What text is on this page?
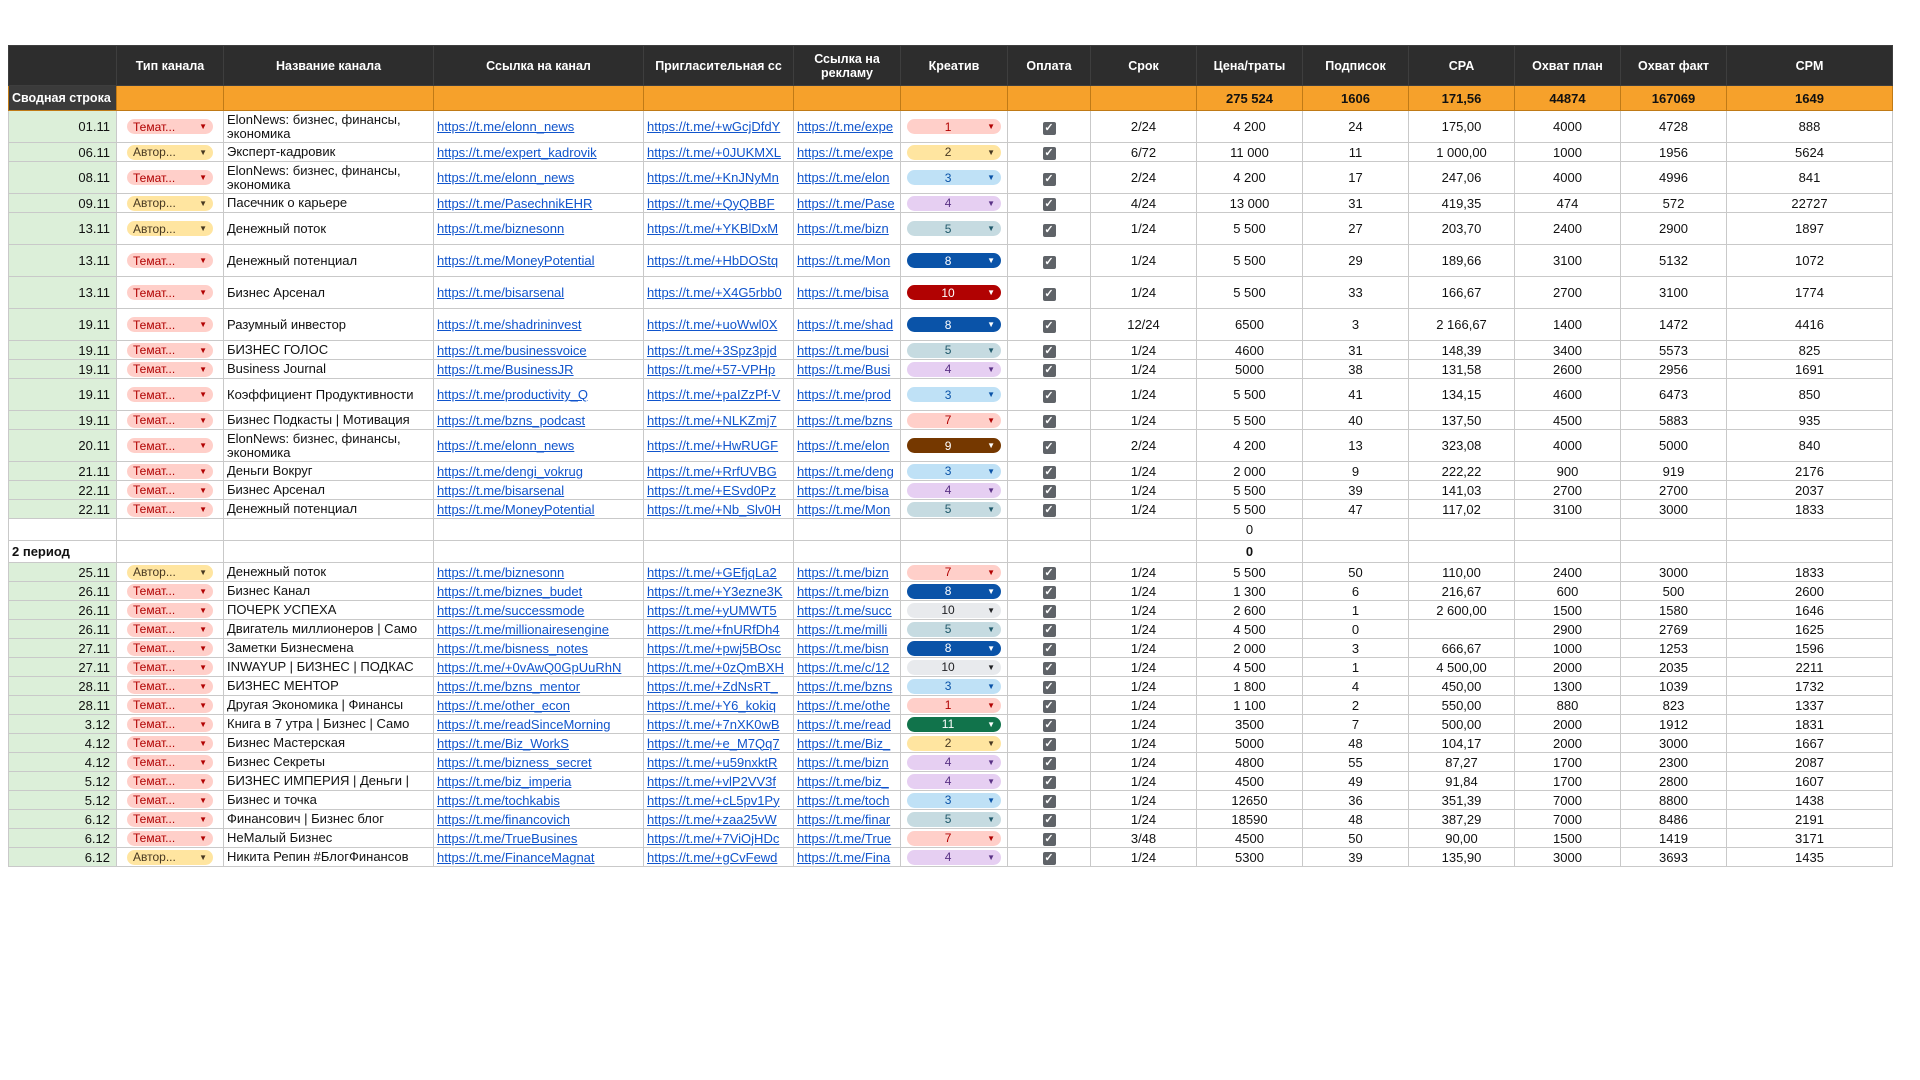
	Тип канала	Название канала	Ссылка на канал	Пригласительная сс	Ссылка на рекламу	Креатив	Оплата	Срок	Цена/траты	Подписок	CPA	Охват план	Охват факт	CPM
Сводная строка									275 524	1606	171,56	44874	167069	1649
01.11	Темат... ▼	ElonNews: бизнес, финансы, экономика	https://t.me/elonn_news	https://t.me/+wGcjDfdY	https://t.me/expe	1 ▼	✓	2/24	4 200	24	175,00	4000	4728	888
06.11	Автор... ▼	Эксперт-кадровик	https://t.me/expert_kadrovik	https://t.me/+0JUKMXL	https://t.me/expe	2 ▼	✓	6/72	11 000	11	1 000,00	1000	1956	5624
08.11	Темат... ▼	ElonNews: бизнес, финансы, экономика	https://t.me/elonn_news	https://t.me/+KnJNyMn	https://t.me/elon	3 ▼	✓	2/24	4 200	17	247,06	4000	4996	841
09.11	Автор... ▼	Пасечник о карьере	https://t.me/PasechnikEHR	https://t.me/+QyQBBF	https://t.me/Pase	4 ▼	✓	4/24	13 000	31	419,35	474	572	22727
13.11	Автор... ▼	Денежный поток	https://t.me/biznesonn	https://t.me/+YKBlDxM	https://t.me/bizn	5 ▼	✓	1/24	5 500	27	203,70	2400	2900	1897
13.11	Темат... ▼	Денежный потенциал	https://t.me/MoneyPotential	https://t.me/+HbDOStq	https://t.me/Mon	8 ▼	✓	1/24	5 500	29	189,66	3100	5132	1072
13.11	Темат... ▼	Бизнес Арсенал	https://t.me/bisarsenal	https://t.me/+X4G5rbb0	https://t.me/bisa	10 ▼	✓	1/24	5 500	33	166,67	2700	3100	1774
19.11	Темат... ▼	Разумный инвестор	https://t.me/shadrininvest	https://t.me/+uoWwl0X	https://t.me/shad	8 ▼	✓	12/24	6500	3	2 166,67	1400	1472	4416
19.11	Темат... ▼	БИЗНЕС ГОЛОС	https://t.me/businessvoice	https://t.me/+3Spz3pjd	https://t.me/busi	5 ▼	✓	1/24	4600	31	148,39	3400	5573	825
19.11	Темат... ▼	Business Journal	https://t.me/BusinessJR	https://t.me/+57-VPHp	https://t.me/Busi	4 ▼	✓	1/24	5000	38	131,58	2600	2956	1691
19.11	Темат... ▼	Коэффициент Продуктивности	https://t.me/productivity_Q	https://t.me/+paIZzPf-V	https://t.me/prod	3 ▼	✓	1/24	5 500	41	134,15	4600	6473	850
19.11	Темат... ▼	Бизнес Подкасты | Мотивация	https://t.me/bzns_podcast	https://t.me/+NLKZmj7	https://t.me/bzns	7 ▼	✓	1/24	5 500	40	137,50	4500	5883	935
20.11	Темат... ▼	ElonNews: бизнес, финансы, экономика	https://t.me/elonn_news	https://t.me/+HwRUGF	https://t.me/elon	9 ▼	✓	2/24	4 200	13	323,08	4000	5000	840
21.11	Темат... ▼	Деньги Вокруг	https://t.me/dengi_vokrug	https://t.me/+RrfUVBG	https://t.me/deng	3 ▼	✓	1/24	2 000	9	222,22	900	919	2176
22.11	Темат... ▼	Бизнес Арсенал	https://t.me/bisarsenal	https://t.me/+ESvd0Pz	https://t.me/bisa	4 ▼	✓	1/24	5 500	39	141,03	2700	2700	2037
22.11	Темат... ▼	Денежный потенциал	https://t.me/MoneyPotential	https://t.me/+Nb_Slv0H	https://t.me/Mon	5 ▼	✓	1/24	5 500	47	117,02	3100	3000	1833
									0					
2 период									0					
25.11	Автор... ▼	Денежный поток	https://t.me/biznesonn	https://t.me/+GEfjqLa2	https://t.me/bizn	7 ▼	✓	1/24	5 500	50	110,00	2400	3000	1833
26.11	Темат... ▼	Бизнес Канал	https://t.me/biznes_budet	https://t.me/+Y3ezne3K	https://t.me/bizn	8 ▼	✓	1/24	1 300	6	216,67	600	500	2600
26.11	Темат... ▼	ПОЧЕРК УСПЕХА	https://t.me/successmode	https://t.me/+yUMWT5	https://t.me/succ	10 ▼	✓	1/24	2 600	1	2 600,00	1500	1580	1646
26.11	Темат... ▼	Двигатель миллионеров | Само	https://t.me/millionairesengine	https://t.me/+fnURfDh4	https://t.me/milli	5 ▼	✓	1/24	4 500	0		2900	2769	1625
27.11	Темат... ▼	Заметки Бизнесмена	https://t.me/bisness_notes	https://t.me/+pwj5BOsc	https://t.me/bisn	8 ▼	✓	1/24	2 000	3	666,67	1000	1253	1596
27.11	Темат... ▼	INWAYUP | БИЗНЕС | ПОДКАС	https://t.me/+0vAwQ0GpUuRhN	https://t.me/+0zQmBXH	https://t.me/c/12	10 ▼	✓	1/24	4 500	1	4 500,00	2000	2035	2211
28.11	Темат... ▼	БИЗНЕС МЕНТОР	https://t.me/bzns_mentor	https://t.me/+ZdNsRT_	https://t.me/bzns	3 ▼	✓	1/24	1 800	4	450,00	1300	1039	1732
28.11	Темат... ▼	Другая Экономика | Финансы	https://t.me/other_econ	https://t.me/+Y6_kokiq	https://t.me/othe	1 ▼	✓	1/24	1 100	2	550,00	880	823	1337
3.12	Темат... ▼	Книга в 7 утра | Бизнес | Само	https://t.me/readSinceMorning	https://t.me/+7nXK0wB	https://t.me/read	11 ▼	✓	1/24	3500	7	500,00	2000	1912	1831
4.12	Темат... ▼	Бизнес Мастерская	https://t.me/Biz_WorkS	https://t.me/+e_M7Qq7	https://t.me/Biz_	2 ▼	✓	1/24	5000	48	104,17	2000	3000	1667
4.12	Темат... ▼	Бизнес Секреты	https://t.me/bizness_secret	https://t.me/+u59nxktR	https://t.me/bizn	4 ▼	✓	1/24	4800	55	87,27	1700	2300	2087
5.12	Темат... ▼	БИЗНЕС ИМПЕРИЯ | Деньги |	https://t.me/biz_imperia	https://t.me/+vlP2VV3f	https://t.me/biz_	4 ▼	✓	1/24	4500	49	91,84	1700	2800	1607
5.12	Темат... ▼	Бизнес и точка	https://t.me/tochkabis	https://t.me/+cL5pv1Py	https://t.me/toch	3 ▼	✓	1/24	12650	36	351,39	7000	8800	1438
6.12	Темат... ▼	Финансович | Бизнес блог	https://t.me/financovich	https://t.me/+zaa25vW	https://t.me/finar	5 ▼	✓	1/24	18590	48	387,29	7000	8486	2191
6.12	Темат... ▼	НеМалый Бизнес	https://t.me/TrueBusines	https://t.me/+7ViOjHDc	https://t.me/True	7 ▼	✓	3/48	4500	50	90,00	1500	1419	3171
6.12	Автор... ▼	Никита Репин #БлогФинансов	https://t.me/FinanceMagnat	https://t.me/+gCvFewd	https://t.me/Fina	4 ▼	✓	1/24	5300	39	135,90	3000	3693	1435
